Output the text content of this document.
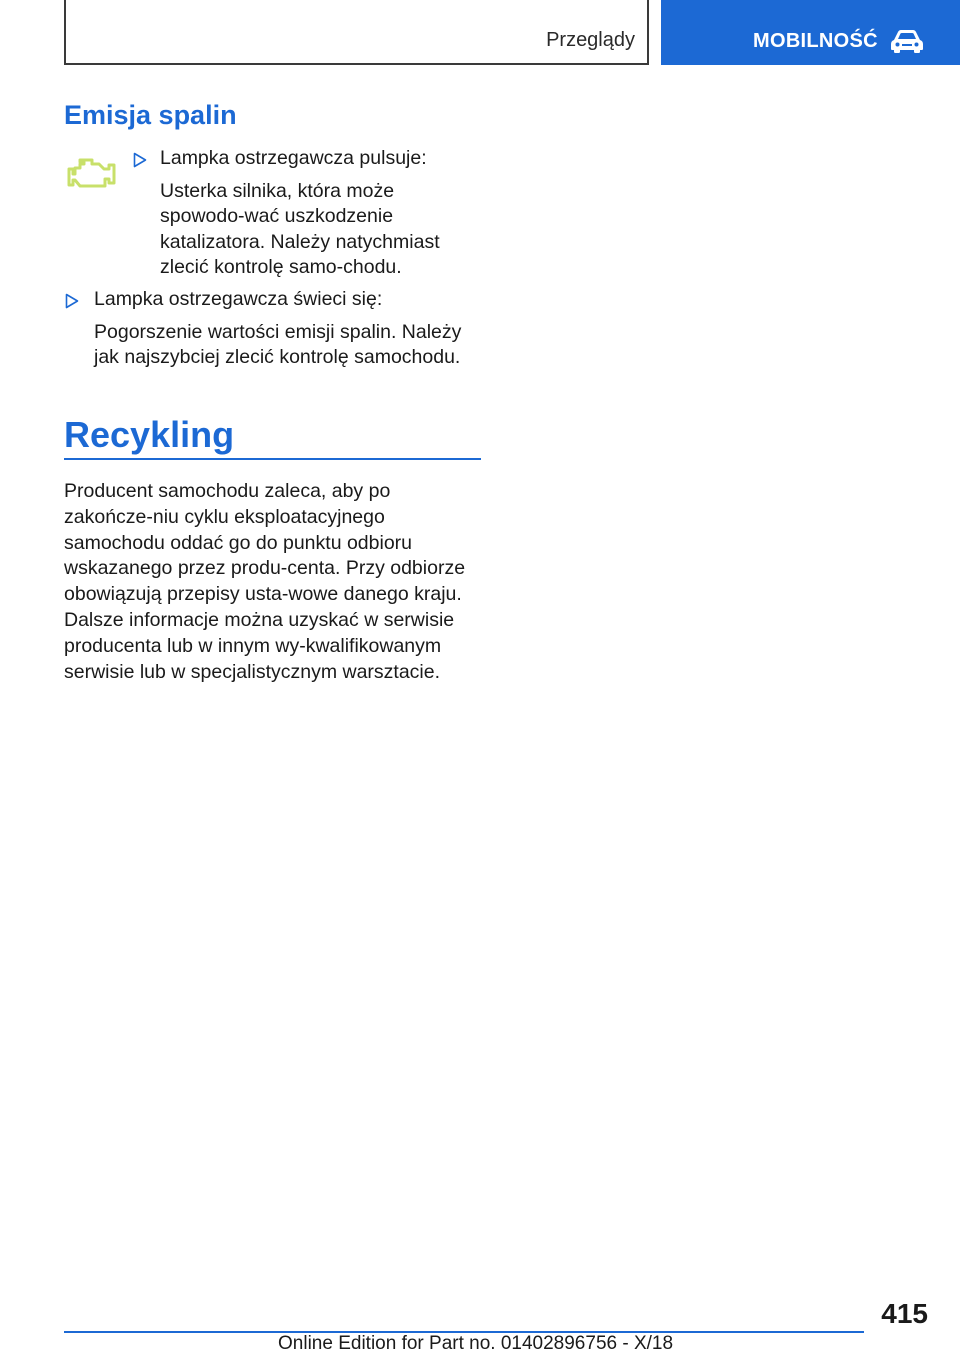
Przeglądy	MOBILNOŚĆ
Emisja spalin
Lampka ostrzegawcza pulsuje:
Usterka silnika, która może spowodo-wać uszkodzenie katalizatora. Należy natychmiast zlecić kontrolę samo-chodu.
Lampka ostrzegawcza świeci się:
Pogorszenie wartości emisji spalin. Należy jak najszybciej zlecić kontrolę samochodu.
Recykling

Producent samochodu zaleca, aby po zakończe-niu cyklu eksploatacyjnego samochodu oddać go do punktu odbioru wskazanego przez produ-centa. Przy odbiorze obowiązują przepisy usta-wowe danego kraju. Dalsze informacje można uzyskać w serwisie producenta lub w innym wy-kwalifikowanym serwisie lub w specjalistycznym warsztacie.

415
Online Edition for Part no. 01402896756 - X/18
